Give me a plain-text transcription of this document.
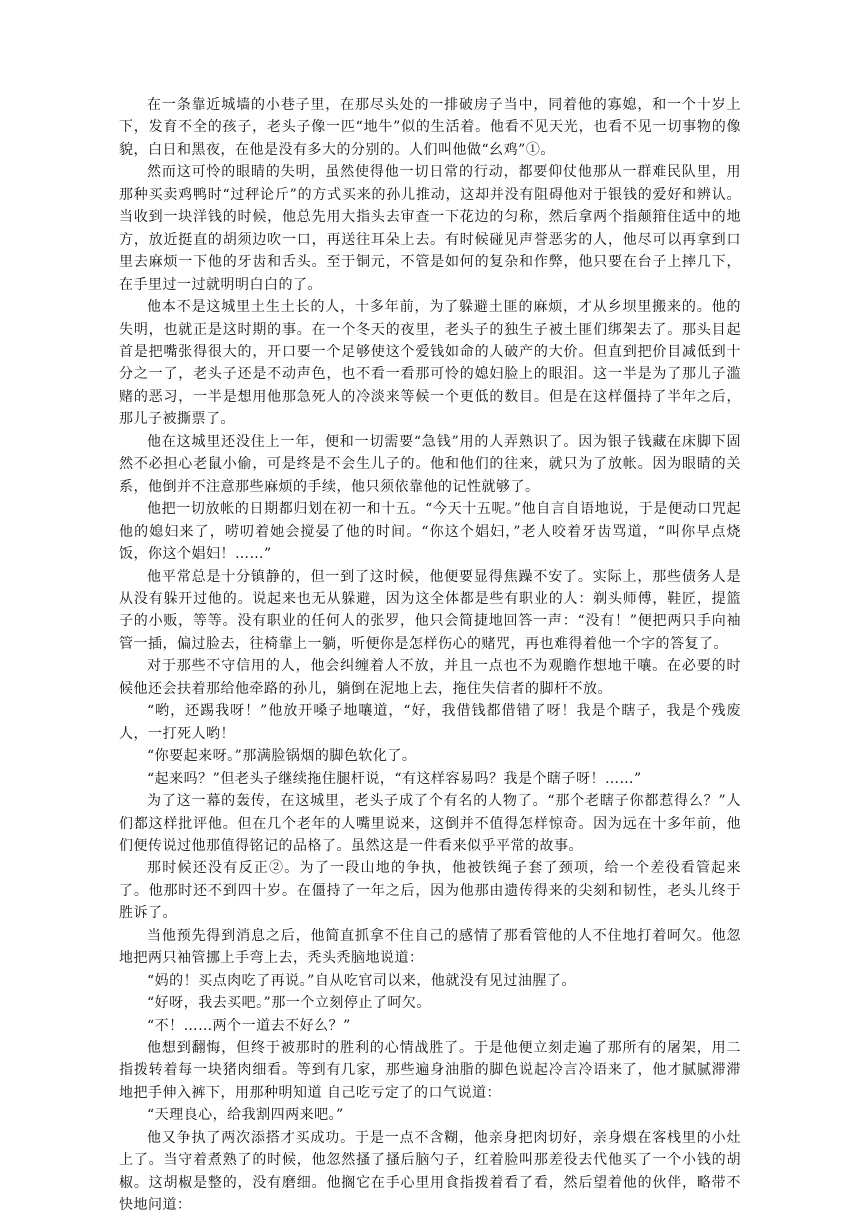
在一条靠近城墙的小巷子里，在那尽头处的一排破房子当中，同着他的寡媳，和一个十岁上下，发育不全的孩子，老头子像一匹“地牛”似的生活着。他看不见天光，也看不见一切事物的像貌，白日和黑夜，在他是没有多大的分别的。人们叫他做“幺鸡”①。

然而这可怜的眼睛的失明，虽然使得他一切日常的行动，都要仰仗他那从一群难民队里，用那种买卖鸡鸭时“过秤论斤”的方式买来的孙儿推动，这却并没有阻碍他对于银钱的爱好和辨认。当收到一块洋钱的时候，他总先用大指头去审查一下花边的匀称，然后拿两个指颠箝住适中的地方，放近挺直的胡须边吹一口，再送往耳朵上去。有时候碰见声誉恶劣的人，他尽可以再拿到口里去麻烦一下他的牙齿和舌头。至于铜元，不管是如何的复杂和作弊，他只要在台子上摔几下，在手里过一过就明明白白的了。

他本不是这城里土生土长的人，十多年前，为了躲避土匪的麻烦，才从乡坝里搬来的。他的失明，也就正是这时期的事。在一个冬天的夜里，老头子的独生子被土匪们绑架去了。那头目起首是把嘴张得很大的，开口要一个足够使这个爱钱如命的人破产的大价。但直到把价目减低到十分之一了，老头子还是不动声色，也不看一看那可怜的媳妇脸上的眼泪。这一半是为了那儿子滥赌的恶习，一半是想用他那急死人的冷淡来等候一个更低的数目。但是在这样僵持了半年之后，那儿子被撕票了。

他在这城里还没住上一年，便和一切需要“急钱”用的人弄熟识了。因为银子钱藏在床脚下固然不必担心老鼠小偷，可是终是不会生儿子的。他和他们的往来，就只为了放帐。因为眼睛的关系，他倒并不注意那些麻烦的手续，他只须依靠他的记性就够了。

他把一切放帐的日期都归划在初一和十五。“今天十五呢。”他自言自语地说，于是便动口咒起他的媳妇来了，唠叨着她会搅晏了他的时间。“你这个娼妇，”老人咬着牙齿骂道，“叫你早点烧饭，你这个娼妇！……”

他平常总是十分镇静的，但一到了这时候，他便要显得焦躁不安了。实际上，那些债务人是从没有躲开过他的。说起来也无从躲避，因为这全体都是些有职业的人：剃头师傅，鞋匠，提篮子的小贩，等等。没有职业的任何人的张罗，他只会简捷地回答一声：“没有！”便把两只手向袖管一插，偏过脸去，往椅靠上一躺，听便你是怎样伤心的赌咒，再也难得着他一个字的答复了。

对于那些不守信用的人，他会纠缠着人不放，并且一点也不为观瞻作想地干嚷。在必要的时候他还会扶着那给他牵路的孙儿，躺倒在泥地上去，拖住失信者的脚杆不放。

“哟，还踢我呀！”他放开嗓子地嚷道，“好，我借钱都借错了呀！我是个瞎子，我是个残废人，一打死人哟！

“你要起来呀。”那满脸锅烟的脚色软化了。

“起来吗？”但老头子继续拖住腿杆说，“有这样容易吗？我是个瞎子呀！……”

为了这一幕的轰传，在这城里，老头子成了个有名的人物了。“那个老瞎子你都惹得么？”人们都这样批评他。但在几个老年的人嘴里说来，这倒并不值得怎样惊奇。因为远在十多年前，他们便传说过他那值得铭记的品格了。虽然这是一件看来似乎平常的故事。

那时候还没有反正②。为了一段山地的争执，他被铁绳子套了颈项，给一个差役看管起来了。他那时还不到四十岁。在僵持了一年之后，因为他那由遗传得来的尖刻和韧性，老头儿终于胜诉了。

当他预先得到消息之后，他简直抓拿不住自己的感情了那看管他的人不住地打着呵欠。他忽地把两只袖管挪上手弯上去，秃头秃脑地说道：

“妈的！买点肉吃了再说。”自从吃官司以来，他就没有见过油腥了。

“好呀，我去买吧。”那一个立刻停止了呵欠。

“不！……两个一道去不好么？”

他想到翻悔，但终于被那时的胜利的心情战胜了。于是他便立刻走遍了那所有的屠架，用二指拨转着每一块猪肉细看。等到有几家，那些遍身油脂的脚色说起冷言冷语来了，他才腻腻滞滞地把手伸入裤下，用那种明知道 自己吃亏定了的口气说道：

“天理良心，给我割四两来吧。”

他又争执了两次添搭才买成功。于是一点不含糊，他亲身把肉切好，亲身煨在客栈里的小灶上了。当守着煮熟了的时候，他忽然搔了搔后脑勺子，红着脸叫那差役去代他买了一个小钱的胡椒。这胡椒是整的，没有磨细。他搁它在手心里用食指拨着看了看，然后望着他的伙伴，略带不快地问道：
